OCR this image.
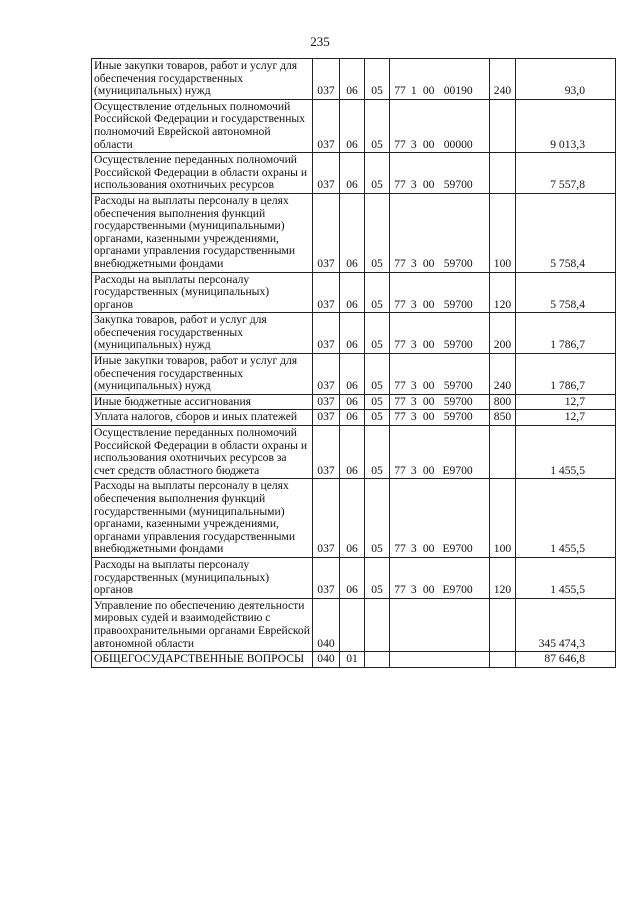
235
Иные закупки товаров, работ и услуг для обеспечения государственных (муниципальных) нужд	037	06	05	77 1 00 00190	240	93,0
Осуществление отдельных полномочий Российской Федерации и государственных полномочий Еврейской автономной области	037	06	05	77 3 00 00000		9 013,3
Осуществление переданных полномочий Российской Федерации в области охраны и использования охотничьих ресурсов	037	06	05	77 3 00 59700		7 557,8
Расходы на выплаты персоналу в целях обеспечения выполнения функций государственными (муниципальными) органами, казенными учреждениями, органами управления государственными внебюджетными фондами	037	06	05	77 3 00 59700	100	5 758,4
Расходы на выплаты персоналу государственных (муниципальных) органов	037	06	05	77 3 00 59700	120	5 758,4
Закупка товаров, работ и услуг для обеспечения государственных (муниципальных) нужд	037	06	05	77 3 00 59700	200	1 786,7
Иные закупки товаров, работ и услуг для обеспечения государственных (муниципальных) нужд	037	06	05	77 3 00 59700	240	1 786,7
Иные бюджетные ассигнования	037	06	05	77 3 00 59700	800	12,7
Уплата налогов, сборов и иных платежей	037	06	05	77 3 00 59700	850	12,7
Осуществление переданных полномочий Российской Федерации в области охраны и использования охотничьих ресурсов за счет средств областного бюджета	037	06	05	77 3 00 E9700		1 455,5
Расходы на выплаты персоналу в целях обеспечения выполнения функций государственными (муниципальными) органами, казенными учреждениями, органами управления государственными внебюджетными фондами	037	06	05	77 3 00 E9700	100	1 455,5
Расходы на выплаты персоналу государственных (муниципальных) органов	037	06	05	77 3 00 E9700	120	1 455,5
Управление по обеспечению деятельности мировых судей и взаимодействию с правоохранительными органами Еврейской автономной области	040					345 474,3
ОБЩЕГОСУДАРСТВЕННЫЕ ВОПРОСЫ	040	01				87 646,8
